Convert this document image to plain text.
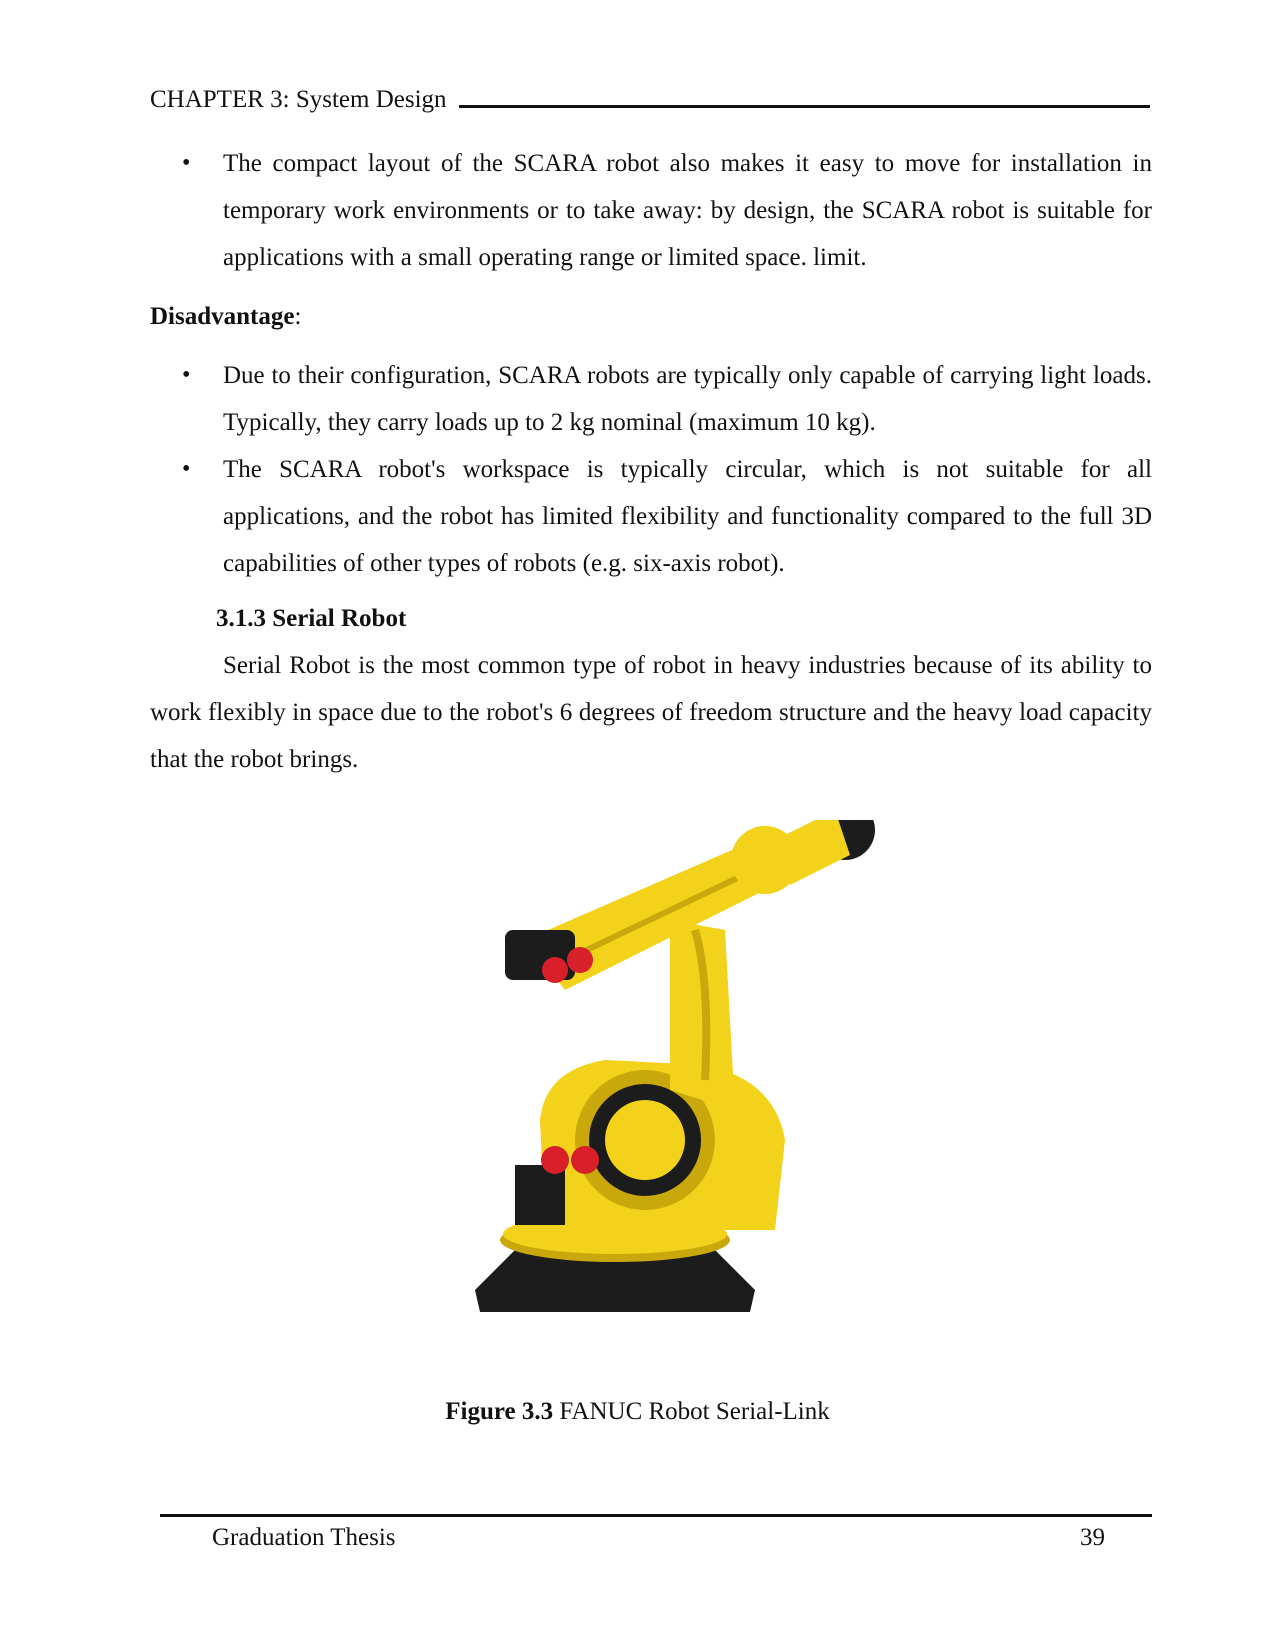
CHAPTER 3: System Design
• The compact layout of the SCARA robot also makes it easy to move for installation in temporary work environments or to take away: by design, the SCARA robot is suitable for applications with a small operating range or limited space. limit.
Disadvantage:
• Due to their configuration, SCARA robots are typically only capable of carrying light loads. Typically, they carry loads up to 2 kg nominal (maximum 10 kg).
• The SCARA robot's workspace is typically circular, which is not suitable for all applications, and the robot has limited flexibility and functionality compared to the full 3D capabilities of other types of robots (e.g. six-axis robot).
3.1.3 Serial Robot

Serial Robot is the most common type of robot in heavy industries because of its ability to work flexibly in space due to the robot's 6 degrees of freedom structure and the heavy load capacity that the robot brings.

Figure 3.3 FANUC Robot Serial-Link
Graduation Thesis	39
